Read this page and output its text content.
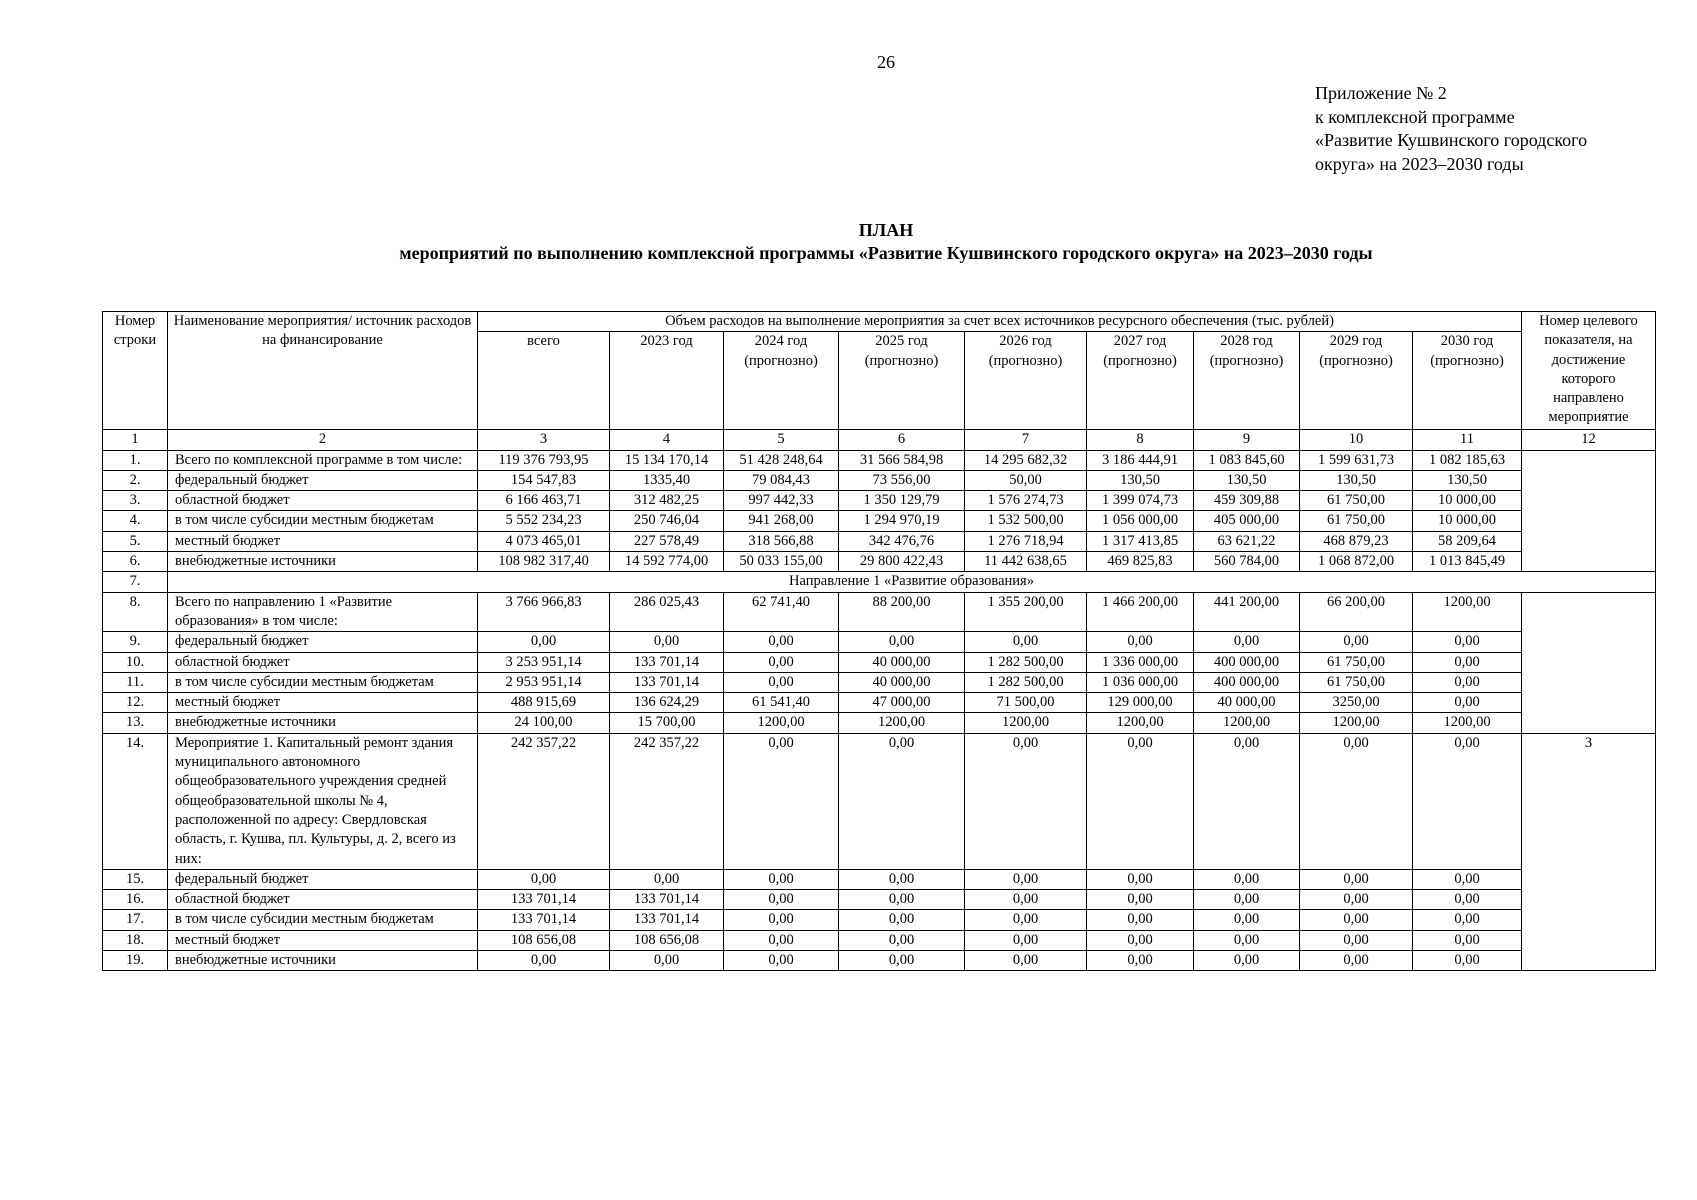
26
Приложение № 2
к комплексной программе
«Развитие Кушвинского городского
округа» на 2023–2030 годы
ПЛАН
мероприятий по выполнению комплексной программы «Развитие Кушвинского городского округа» на 2023–2030 годы
Номер строки	Наименование мероприятия/ источник расходов на финансирование	Объем расходов на выполнение мероприятия за счет всех источников ресурсного обеспечения (тыс. рублей)									Номер целевого показателя, на достижение которого направлено мероприятие
		всего	2023 год	2024 год (прогнозно)	2025 год (прогнозно)	2026 год (прогнозно)	2027 год (прогнозно)	2028 год (прогнозно)	2029 год (прогнозно)	2030 год (прогнозно)	
1	2	3	4	5	6	7	8	9	10	11	12
1.	Всего по комплексной программе в том числе:	119 376 793,95	15 134 170,14	51 428 248,64	31 566 584,98	14 295 682,32	3 186 444,91	1 083 845,60	1 599 631,73	1 082 185,63	
2.	федеральный бюджет	154 547,83	1335,40	79 084,43	73 556,00	50,00	130,50	130,50	130,50	130,50	
3.	областной бюджет	6 166 463,71	312 482,25	997 442,33	1 350 129,79	1 576 274,73	1 399 074,73	459 309,88	61 750,00	10 000,00	
4.	в том числе субсидии местным бюджетам	5 552 234,23	250 746,04	941 268,00	1 294 970,19	1 532 500,00	1 056 000,00	405 000,00	61 750,00	10 000,00	
5.	местный бюджет	4 073 465,01	227 578,49	318 566,88	342 476,76	1 276 718,94	1 317 413,85	63 621,22	468 879,23	58 209,64	
6.	внебюджетные источники	108 982 317,40	14 592 774,00	50 033 155,00	29 800 422,43	11 442 638,65	469 825,83	560 784,00	1 068 872,00	1 013 845,49	
7.	Направление 1 «Развитие образования»										
8.	Всего по направлению 1 «Развитие образования» в том числе:	3 766 966,83	286 025,43	62 741,40	88 200,00	1 355 200,00	1 466 200,00	441 200,00	66 200,00	1200,00	
9.	федеральный бюджет	0,00	0,00	0,00	0,00	0,00	0,00	0,00	0,00	0,00	
10.	областной бюджет	3 253 951,14	133 701,14	0,00	40 000,00	1 282 500,00	1 336 000,00	400 000,00	61 750,00	0,00	
11.	в том числе субсидии местным бюджетам	2 953 951,14	133 701,14	0,00	40 000,00	1 282 500,00	1 036 000,00	400 000,00	61 750,00	0,00	
12.	местный бюджет	488 915,69	136 624,29	61 541,40	47 000,00	71 500,00	129 000,00	40 000,00	3250,00	0,00	
13.	внебюджетные источники	24 100,00	15 700,00	1200,00	1200,00	1200,00	1200,00	1200,00	1200,00	1200,00	
14.	Мероприятие 1. Капитальный ремонт здания муниципального автономного общеобразовательного учреждения средней общеобразовательной школы № 4, расположенной по адресу: Свердловская область, г. Кушва, пл. Культуры, д. 2, всего из них:	242 357,22	242 357,22	0,00	0,00	0,00	0,00	0,00	0,00	0,00	3
15.	федеральный бюджет	0,00	0,00	0,00	0,00	0,00	0,00	0,00	0,00	0,00	
16.	областной бюджет	133 701,14	133 701,14	0,00	0,00	0,00	0,00	0,00	0,00	0,00	
17.	в том числе субсидии местным бюджетам	133 701,14	133 701,14	0,00	0,00	0,00	0,00	0,00	0,00	0,00	
18.	местный бюджет	108 656,08	108 656,08	0,00	0,00	0,00	0,00	0,00	0,00	0,00	
19.	внебюджетные источники	0,00	0,00	0,00	0,00	0,00	0,00	0,00	0,00	0,00	
